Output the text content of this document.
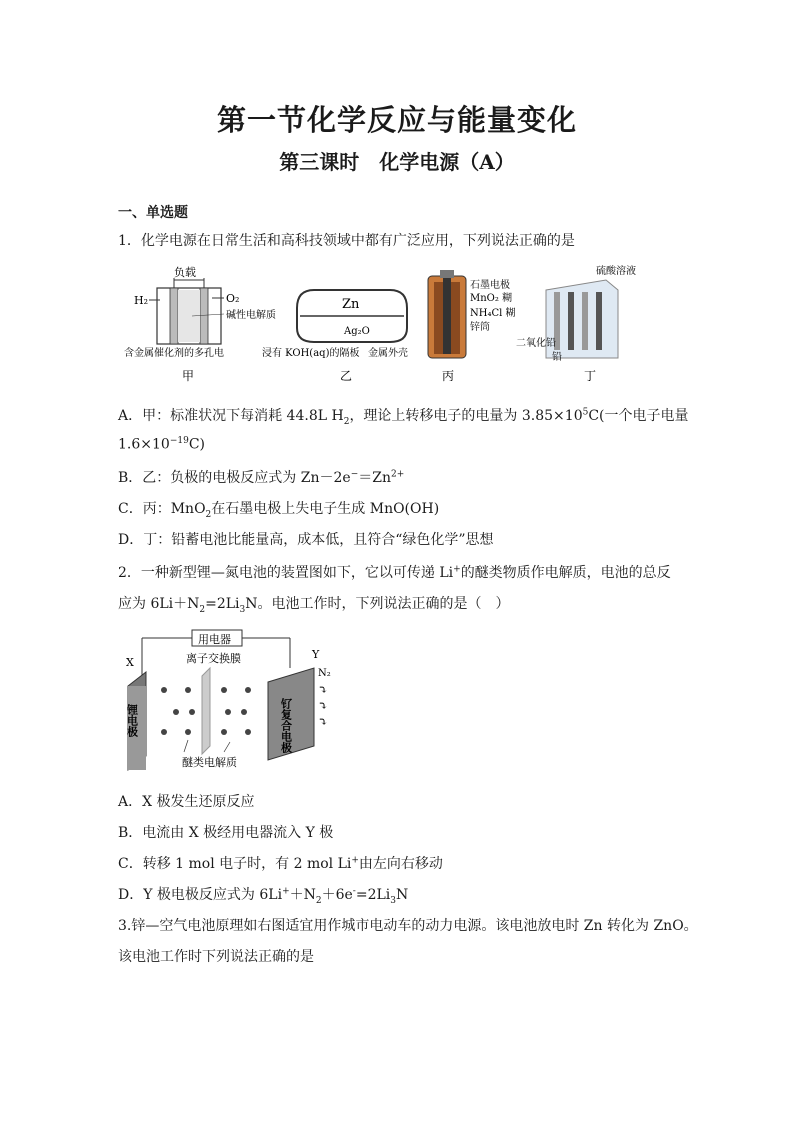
第一节化学反应与能量变化
第三课时　化学电源（A）
一、单选题
1．化学电源在日常生活和高科技领域中都有广泛应用，下列说法正确的是
负载
H₂	O₂
碱性电解质
含金属催化剂的多孔电
甲
Zn
Ag₂O
浸有 KOH(aq)的隔板 金属外壳
乙
石墨电极
MnO₂ 糊
NH₄Cl 糊
锌筒
丙
硫酸溶液
二氧化铅
铅
丁
A．甲：标准状况下每消耗 44.8L $H_2$，理论上转移电子的电量为 $3.85\times 10^5C$(一个电子电量
$1.6\times 10^{-19}C$)
B．乙：负极的电极反应式为 $Zn-2e^-=Zn^{2+}$
C．丙：MnO$_2$在石墨电极上失电子生成 MnO(OH)
D．丁：铅蓄电池比能量高，成本低，且符合“绿色化学”思想
2．一种新型锂—氮电池的装置图如下，它以可传递 Li+的醚类物质作电解质，电池的总反
应为 $6Li+N_2=2Li_3N$。电池工作时，下列说法正确的是（　）
用电器
X
Y
N₂
离子交换膜
锂电极	钌复合电极
⤵
⤵
⤵
醚类电解质
A．X 极发生还原反应
B．电流由 X 极经用电器流入 Y 极
C．转移 1 mol 电子时，有 2 mol Li+由左向右移动
D．Y 极电极反应式为 $6Li^++N_2+6e^-=2Li_3N$
3.锌—空气电池原理如右图适宜用作城市电动车的动力电源。该电池放电时 Zn 转化为 ZnO。
该电池工作时下列说法正确的是
